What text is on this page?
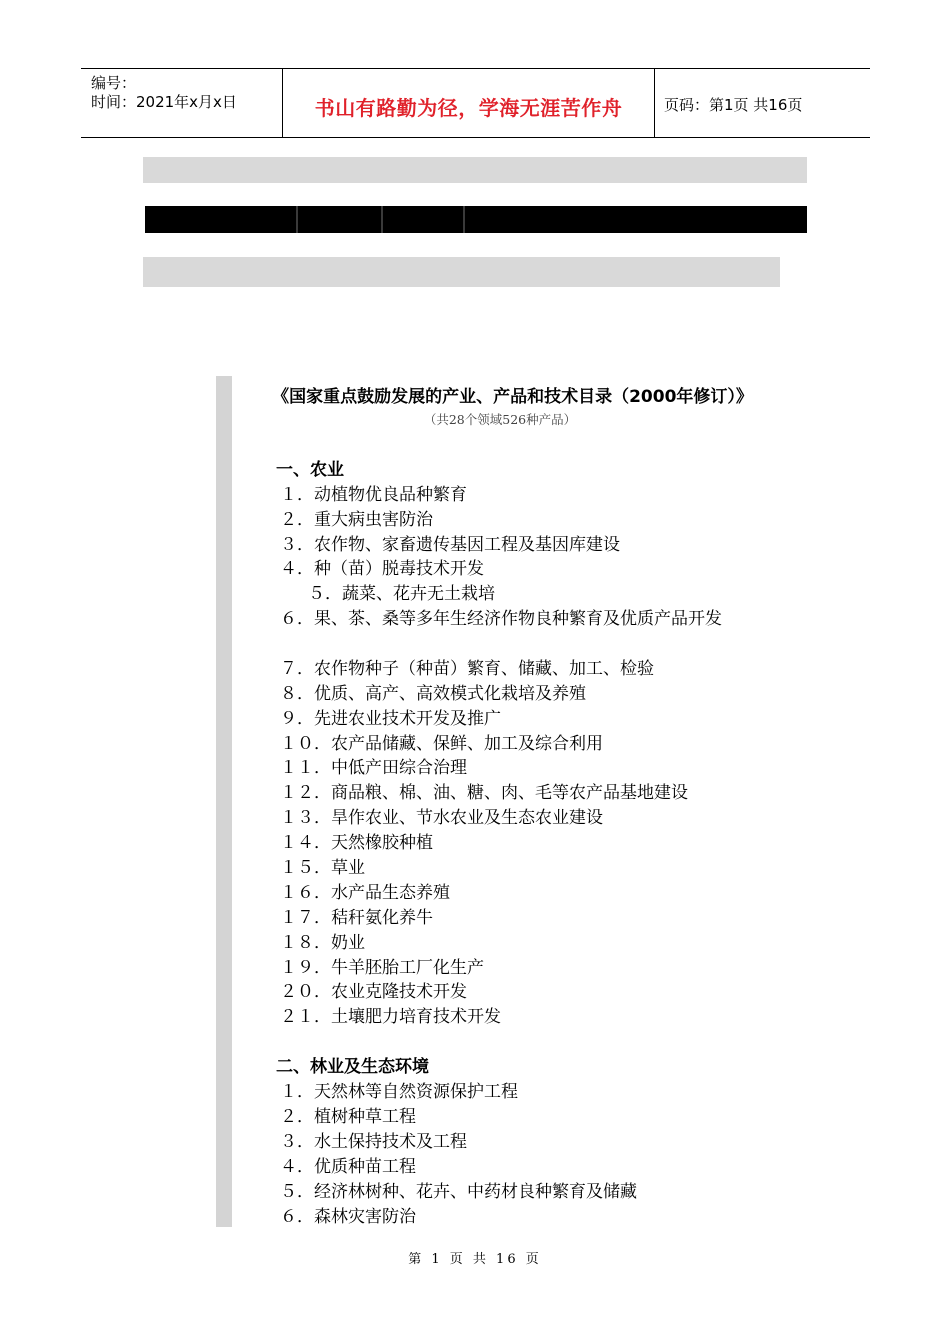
编号：
时间：2021年x月x日	书山有路勤为径，学海无涯苦作舟	页码：第1页 共16页
《国家重点鼓励发展的产业、产品和技术目录（2000年修订）》
（共28个领域526种产品）
一、农业
１．动植物优良品种繁育
２．重大病虫害防治
３．农作物、家畜遗传基因工程及基因库建设
４．种（苗）脱毒技术开发
５．蔬菜、花卉无土栽培
６．果、茶、桑等多年生经济作物良种繁育及优质产品开发
７．农作物种子（种苗）繁育、储藏、加工、检验
８．优质、高产、高效模式化栽培及养殖
９．先进农业技术开发及推广
１０．农产品储藏、保鲜、加工及综合利用
１１．中低产田综合治理
１２．商品粮、棉、油、糖、肉、毛等农产品基地建设
１３．旱作农业、节水农业及生态农业建设
１４．天然橡胶种植
１５．草业
１６．水产品生态养殖
１７．秸秆氨化养牛
１８．奶业
１９．牛羊胚胎工厂化生产
２０．农业克隆技术开发
２１．土壤肥力培育技术开发
二、林业及生态环境
１．天然林等自然资源保护工程
２．植树种草工程
３．水土保持技术及工程
４．优质种苗工程
５．经济林树种、花卉、中药材良种繁育及储藏
６．森林灾害防治
第 1 页 共 16 页
